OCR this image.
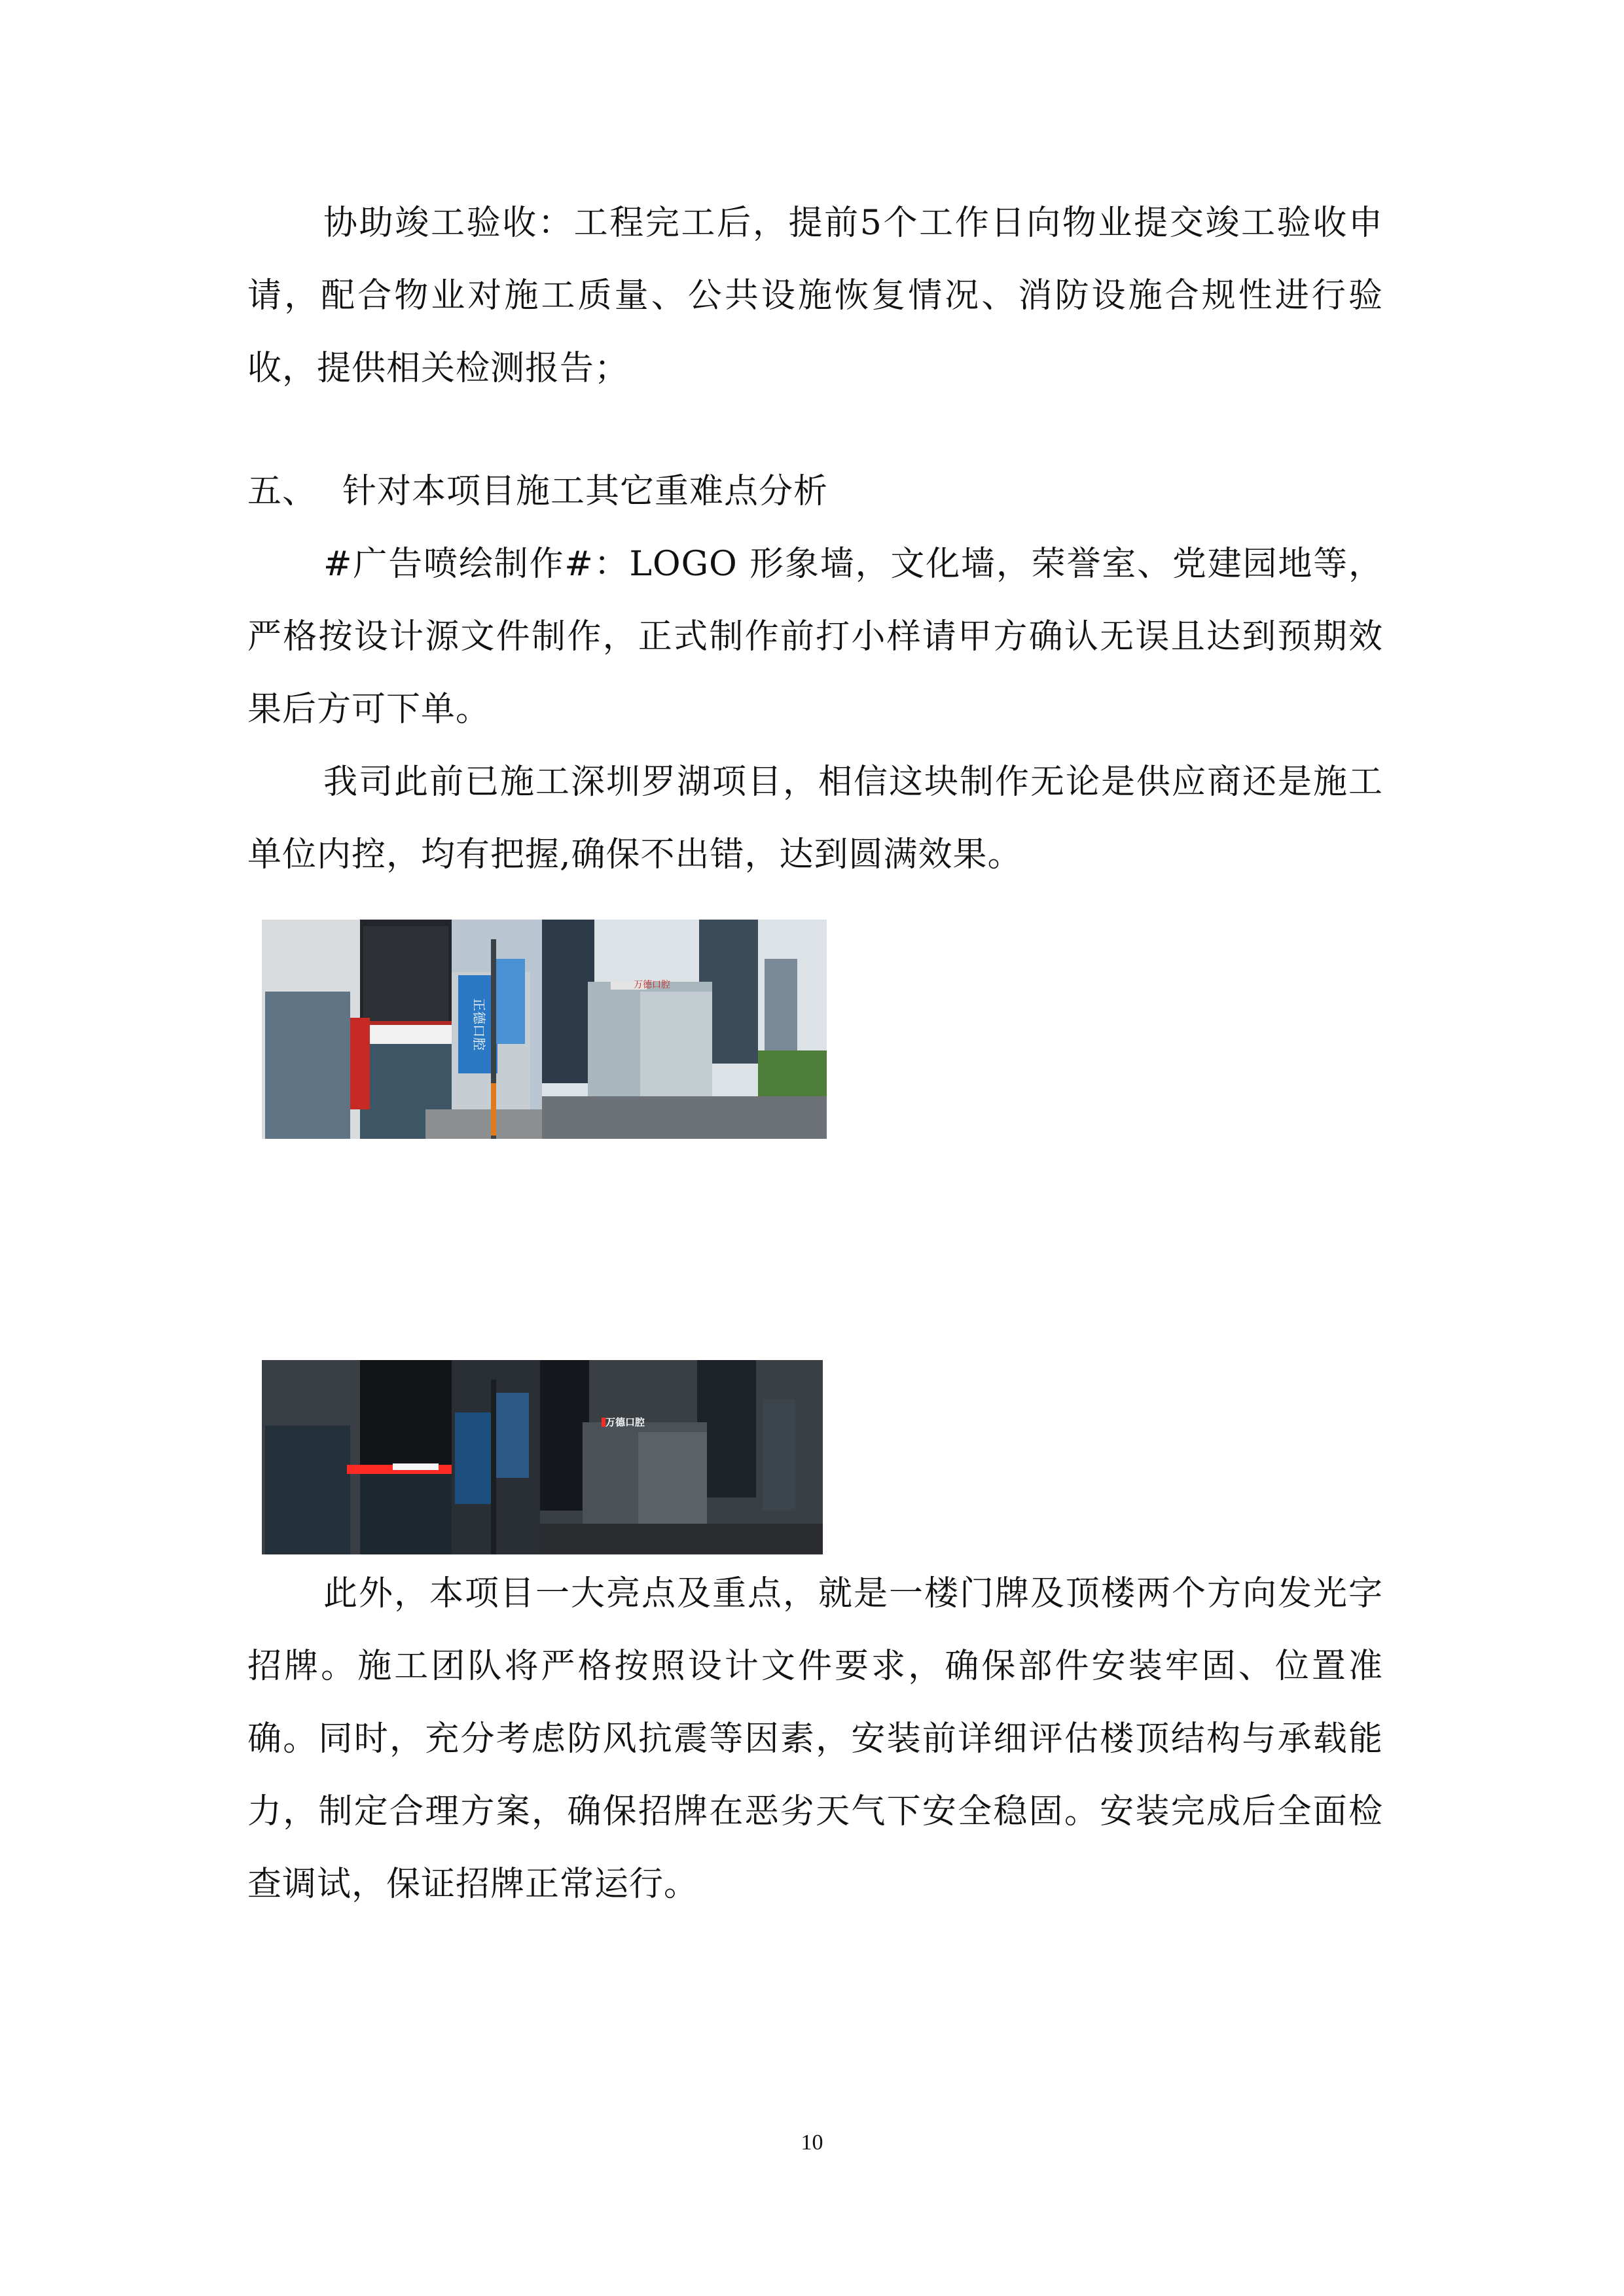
协助竣工验收：工程完工后，提前5个工作日向物业提交竣工验收申请，配合物业对施工质量、公共设施恢复情况、消防设施合规性进行验收，提供相关检测报告；

五、 针对本项目施工其它重难点分析

#广告喷绘制作#：LOGO 形象墙，文化墙，荣誉室、党建园地等，严格按设计源文件制作，正式制作前打小样请甲方确认无误且达到预期效果后方可下单。

我司此前已施工深圳罗湖项目，相信这块制作无论是供应商还是施工单位内控，均有把握,确保不出错，达到圆满效果。

正德口腔
万德口腔
万德口腔

此外，本项目一大亮点及重点，就是一楼门牌及顶楼两个方向发光字招牌。施工团队将严格按照设计文件要求，确保部件安装牢固、位置准确。同时，充分考虑防风抗震等因素，安装前详细评估楼顶结构与承载能力，制定合理方案，确保招牌在恶劣天气下安全稳固。安装完成后全面检查调试，保证招牌正常运行。

10
